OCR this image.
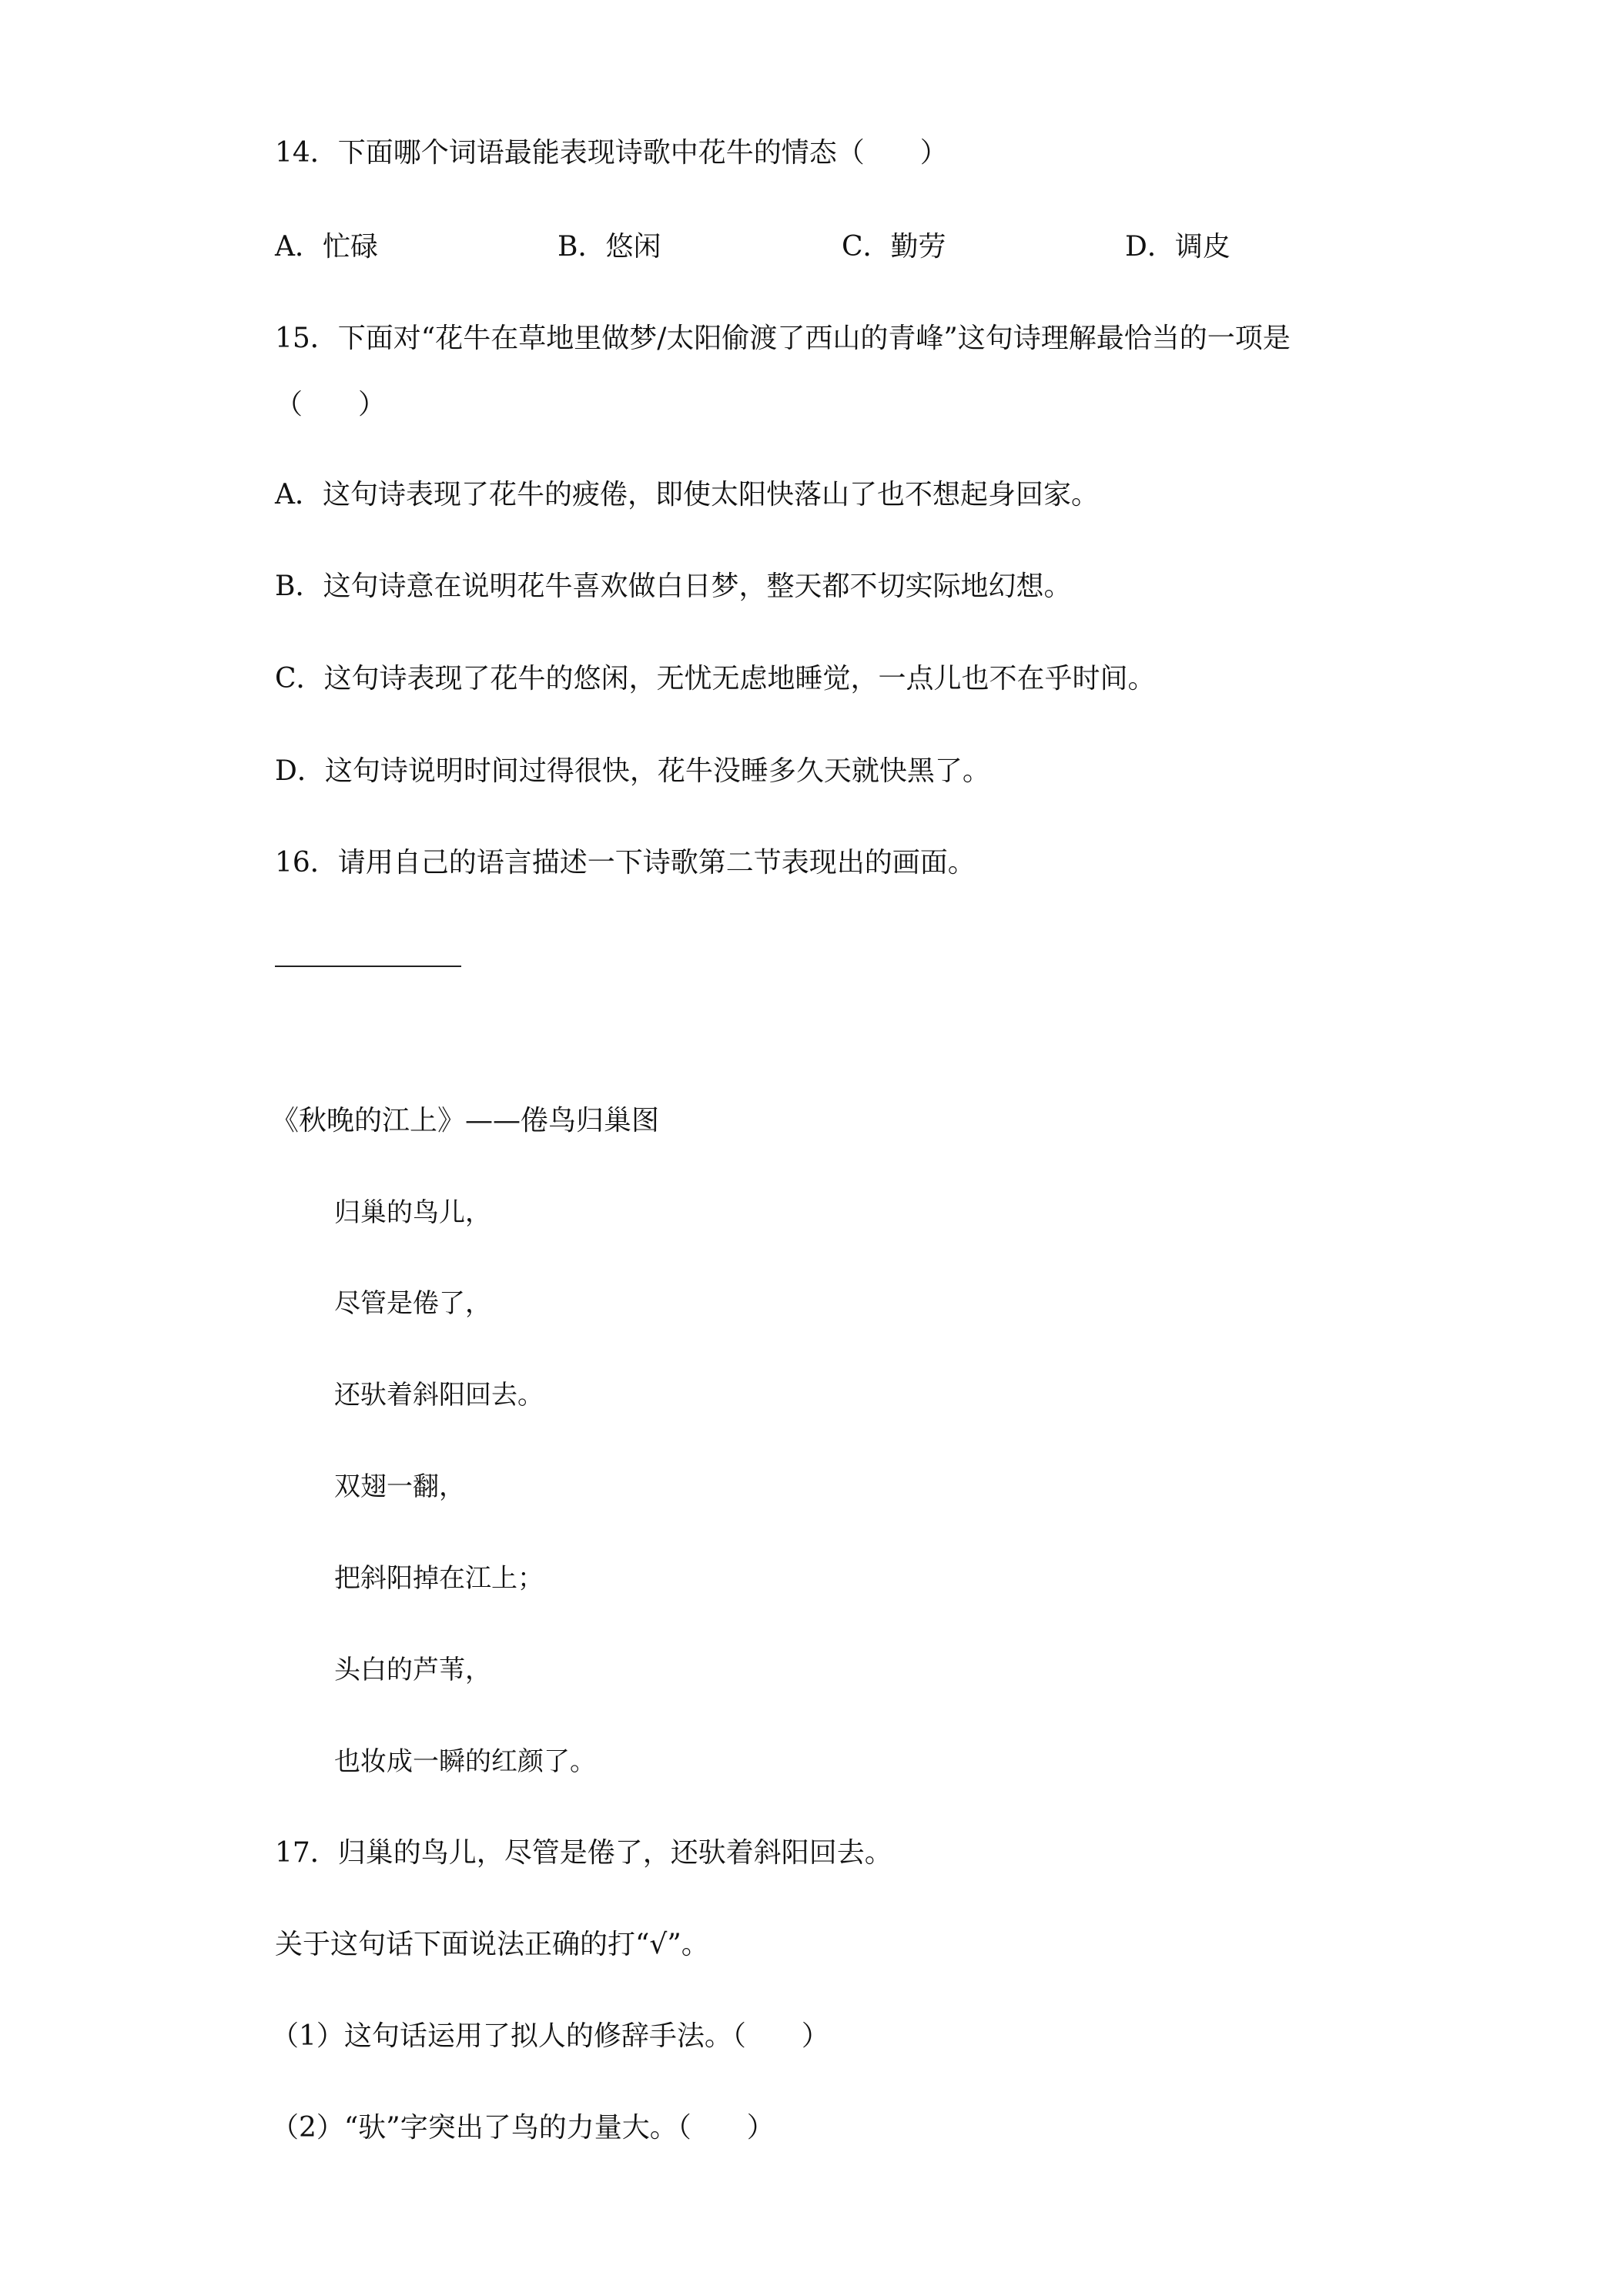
14．下面哪个词语最能表现诗歌中花牛的情态（　　）
A．忙碌	B．悠闲	C．勤劳	D．调皮
15．下面对“花牛在草地里做梦/太阳偷渡了西山的青峰”这句诗理解最恰当的一项是
（　　）
A．这句诗表现了花牛的疲倦，即使太阳快落山了也不想起身回家。
B．这句诗意在说明花牛喜欢做白日梦，整天都不切实际地幻想。
C．这句诗表现了花牛的悠闲，无忧无虑地睡觉，一点儿也不在乎时间。
D．这句诗说明时间过得很快，花牛没睡多久天就快黑了。
16．请用自己的语言描述一下诗歌第二节表现出的画面。
《秋晚的江上》——倦鸟归巢图
归巢的鸟儿，
尽管是倦了，
还驮着斜阳回去。
双翅一翻，
把斜阳掉在江上；
头白的芦苇，
也妆成一瞬的红颜了。
17．归巢的鸟儿，尽管是倦了，还驮着斜阳回去。
关于这句话下面说法正确的打“√”。
（1）这句话运用了拟人的修辞手法。（　　）
（2）“驮”字突出了鸟的力量大。（　　）
